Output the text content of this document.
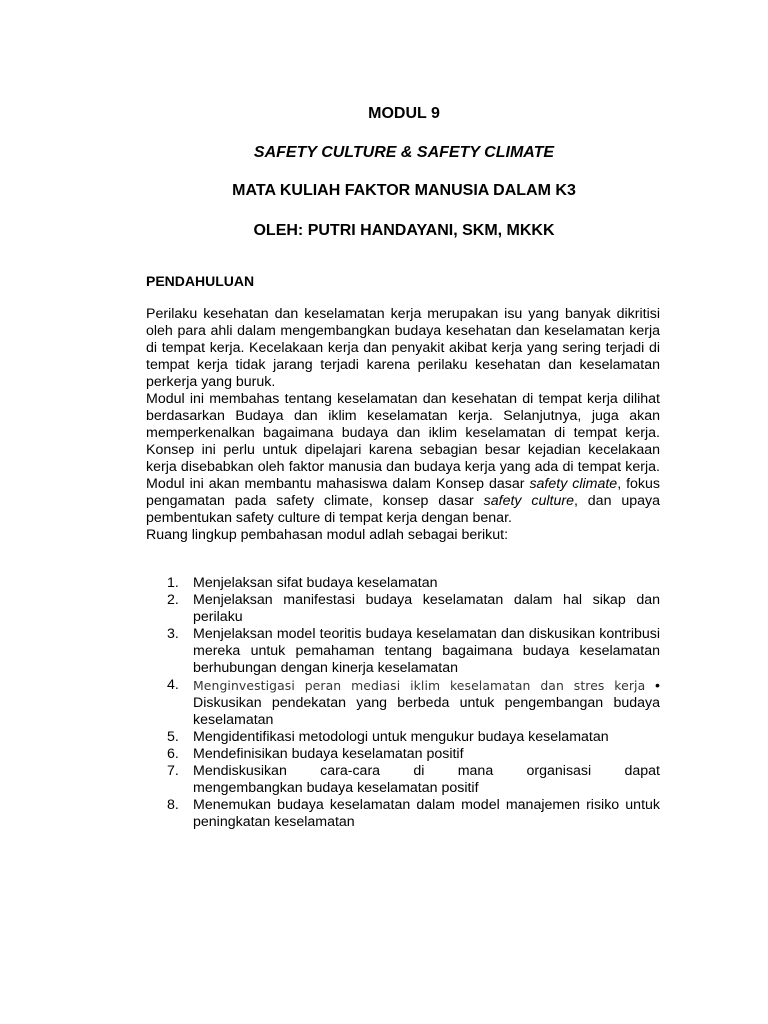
MODUL 9
SAFETY CULTURE & SAFETY CLIMATE
MATA KULIAH FAKTOR MANUSIA DALAM K3
OLEH: PUTRI HANDAYANI, SKM, MKKK
PENDAHULUAN

Perilaku kesehatan dan keselamatan kerja merupakan isu yang banyak dikritisi oleh para ahli dalam mengembangkan budaya kesehatan dan keselamatan kerja di tempat kerja. Kecelakaan kerja dan penyakit akibat kerja yang sering terjadi di tempat kerja tidak jarang terjadi karena perilaku kesehatan dan keselamatan perkerja yang buruk.

Modul ini membahas tentang keselamatan dan kesehatan di tempat kerja dilihat berdasarkan Budaya dan iklim keselamatan kerja. Selanjutnya, juga akan memperkenalkan bagaimana budaya dan iklim keselamatan di tempat kerja. Konsep ini perlu untuk dipelajari karena sebagian besar kejadian kecelakaan kerja disebabkan oleh faktor manusia dan budaya kerja yang ada di tempat kerja. Modul ini akan membantu mahasiswa dalam Konsep dasar safety climate, fokus pengamatan pada safety climate, konsep dasar safety culture, dan upaya pembentukan safety culture di tempat kerja dengan benar.

Ruang lingkup pembahasan modul adlah sebagai berikut:

1. Menjelaksan sifat budaya keselamatan
2. Menjelaksan manifestasi budaya keselamatan dalam hal sikap dan perilaku
3. Menjelaksan model teoritis budaya keselamatan dan diskusikan kontribusi mereka untuk pemahaman tentang bagaimana budaya keselamatan berhubungan dengan kinerja keselamatan
4. Menginvestigasi peran mediasi iklim keselamatan dan stres kerja • Diskusikan pendekatan yang berbeda untuk pengembangan budaya keselamatan
5. Mengidentifikasi metodologi untuk mengukur budaya keselamatan
6. Mendefinisikan budaya keselamatan positif
7. Mendiskusikan cara-cara di mana organisasi dapat
mengembangkan budaya keselamatan positif
8. Menemukan budaya keselamatan dalam model manajemen risiko untuk peningkatan keselamatan
